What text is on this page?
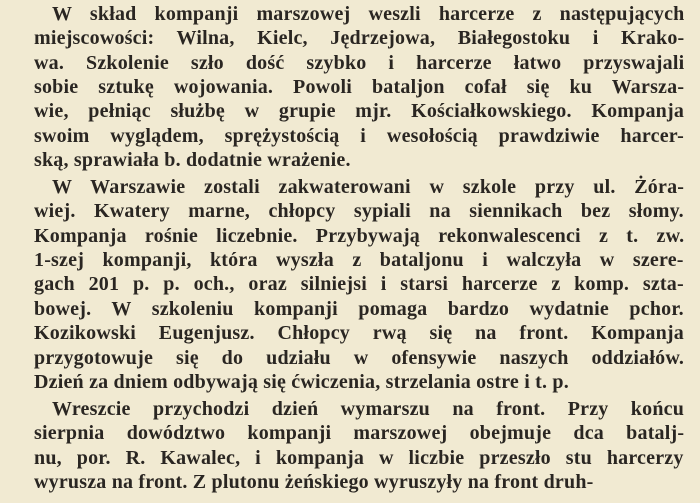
W skład kompanji marszowej weszli harcerze z następujących
miejscowości: Wilna, Kielc, Jędrzejowa, Białegostoku i Krako-
wa. Szkolenie szło dość szybko i harcerze łatwo przyswajali
sobie sztukę wojowania. Powoli bataljon cofał się ku Warsza-
wie, pełniąc służbę w grupie mjr. Kościałkowskiego. Kompanja
swoim wyglądem, sprężystością i wesołością prawdziwie harcer-
ską, sprawiała b. dodatnie wrażenie.
W Warszawie zostali zakwaterowani w szkole przy ul. Żóra-
wiej. Kwatery marne, chłopcy sypiali na siennikach bez słomy.
Kompanja rośnie liczebnie. Przybywają rekonwalescenci z t. zw.
1-szej kompanji, która wyszła z bataljonu i walczyła w szere-
gach 201 p. p. och., oraz silniejsi i starsi harcerze z komp. szta-
bowej. W szkoleniu kompanji pomaga bardzo wydatnie pchor.
Kozikowski Eugenjusz. Chłopcy rwą się na front. Kompanja
przygotowuje się do udziału w ofensywie naszych oddziałów.
Dzień za dniem odbywają się ćwiczenia, strzelania ostre i t. p.
Wreszcie przychodzi dzień wymarszu na front. Przy końcu
sierpnia dowództwo kompanji marszowej obejmuje dca batalj-
nu, por. R. Kawalec, i kompanja w liczbie przeszło stu harcerzy
wyrusza na front. Z plutonu żeńskiego wyruszyły na front druh-
